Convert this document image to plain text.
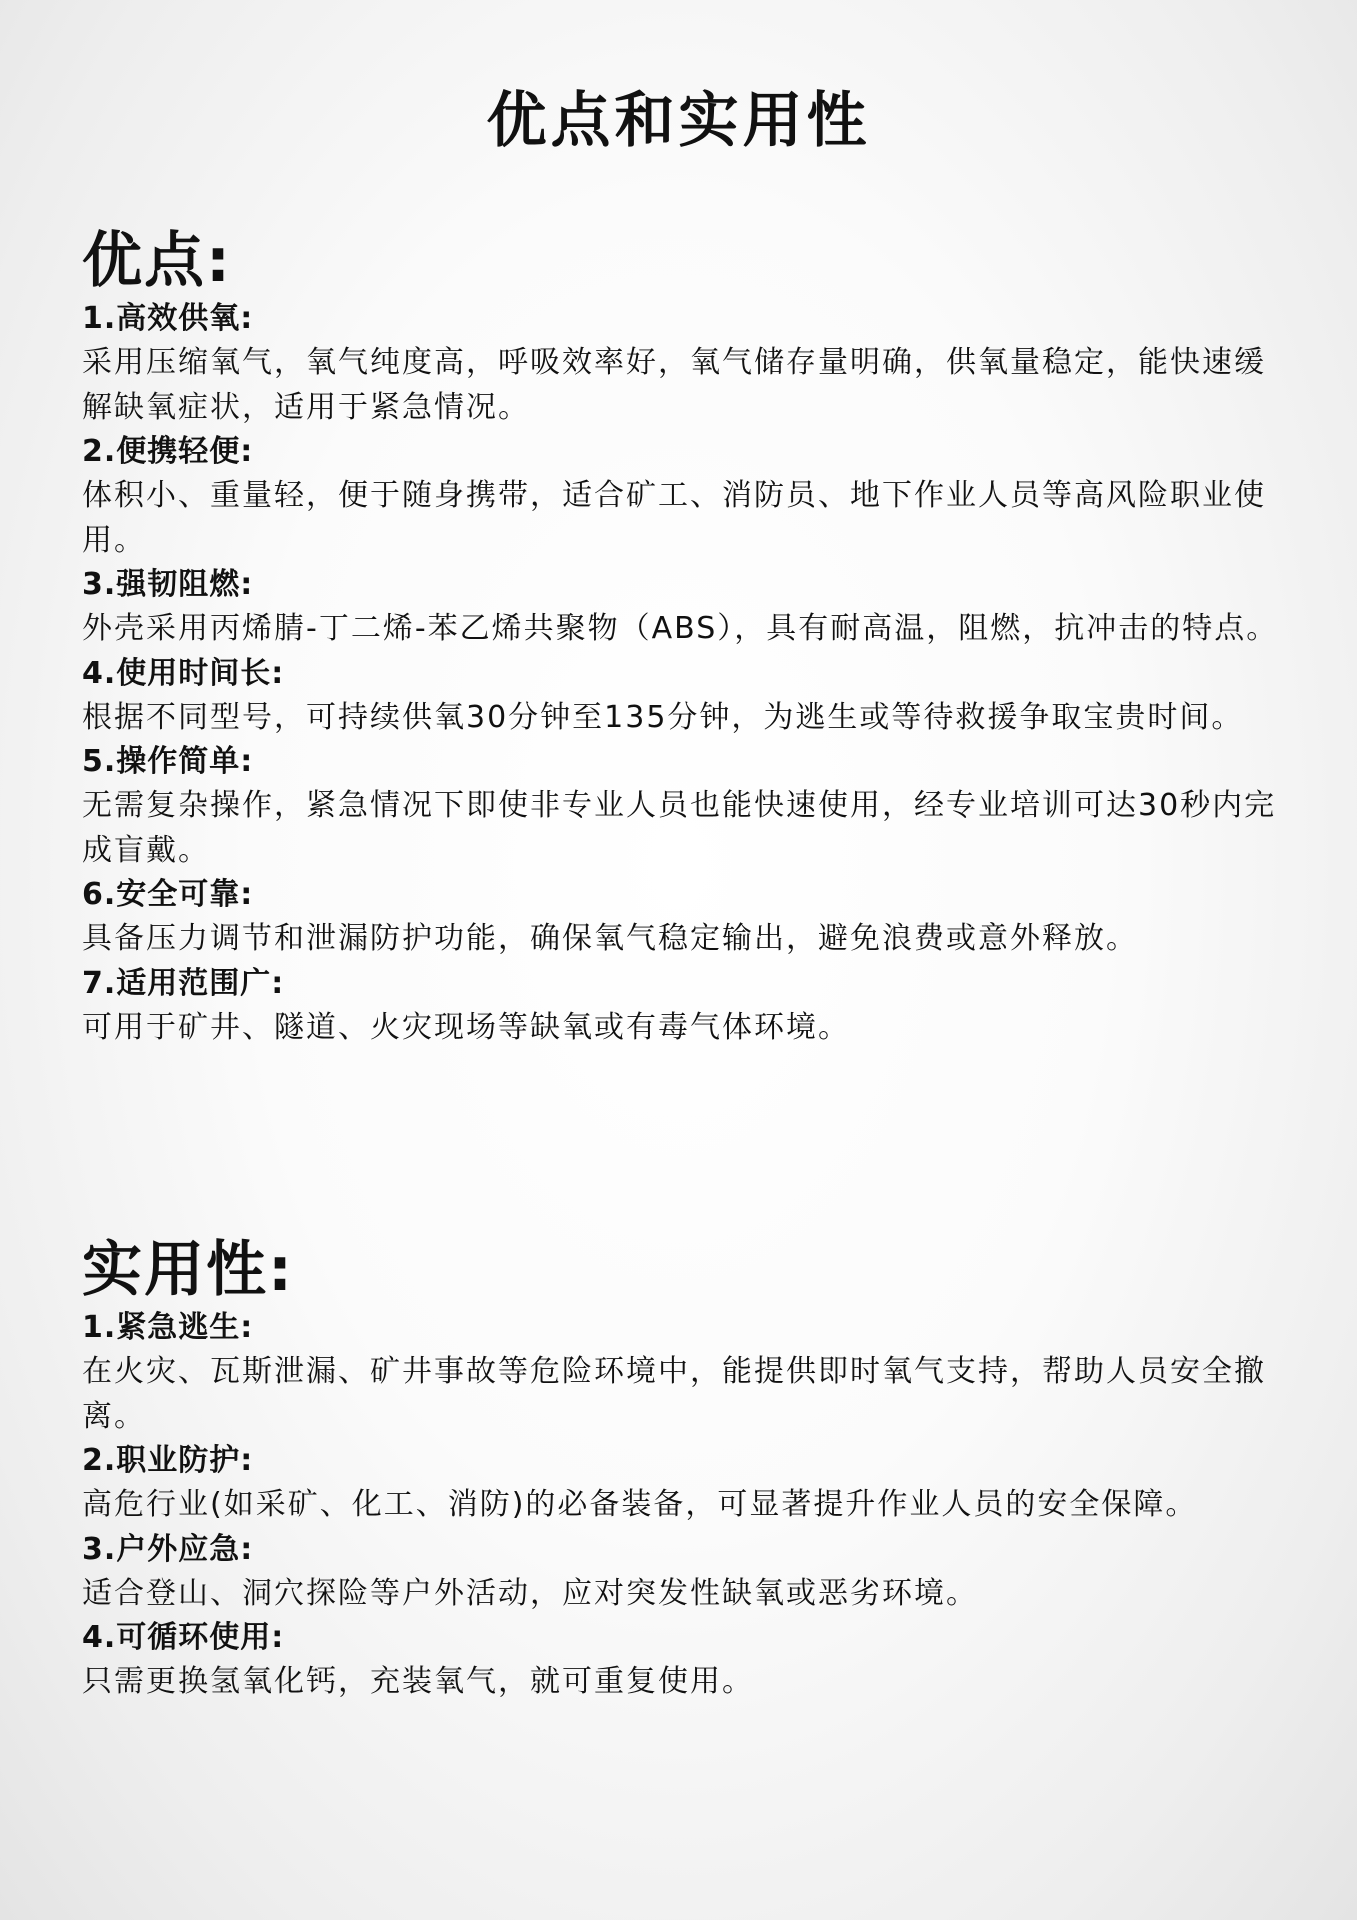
优点和实用性
优点:

1.高效供氧:

采用压缩氧气，氧气纯度高，呼吸效率好，氧气储存量明确，供氧量稳定，能快速缓解缺氧症状，适用于紧急情况。

2.便携轻便:

体积小、重量轻，便于随身携带，适合矿工、消防员、地下作业人员等高风险职业使用。

3.强韧阻燃:

外壳采用丙烯腈-丁二烯-苯乙烯共聚物（ABS），具有耐高温，阻燃，抗冲击的特点。

4.使用时间长:

根据不同型号，可持续供氧30分钟至135分钟，为逃生或等待救援争取宝贵时间。

5.操作简单:

无需复杂操作，紧急情况下即使非专业人员也能快速使用，经专业培训可达30秒内完成盲戴。

6.安全可靠:

具备压力调节和泄漏防护功能，确保氧气稳定输出，避免浪费或意外释放。

7.适用范围广:

可用于矿井、隧道、火灾现场等缺氧或有毒气体环境。

实用性:

1.紧急逃生:

在火灾、瓦斯泄漏、矿井事故等危险环境中，能提供即时氧气支持，帮助人员安全撤离。

2.职业防护:

高危行业(如采矿、化工、消防)的必备装备，可显著提升作业人员的安全保障。

3.户外应急:

适合登山、洞穴探险等户外活动，应对突发性缺氧或恶劣环境。

4.可循环使用:

只需更换氢氧化钙，充装氧气，就可重复使用。
